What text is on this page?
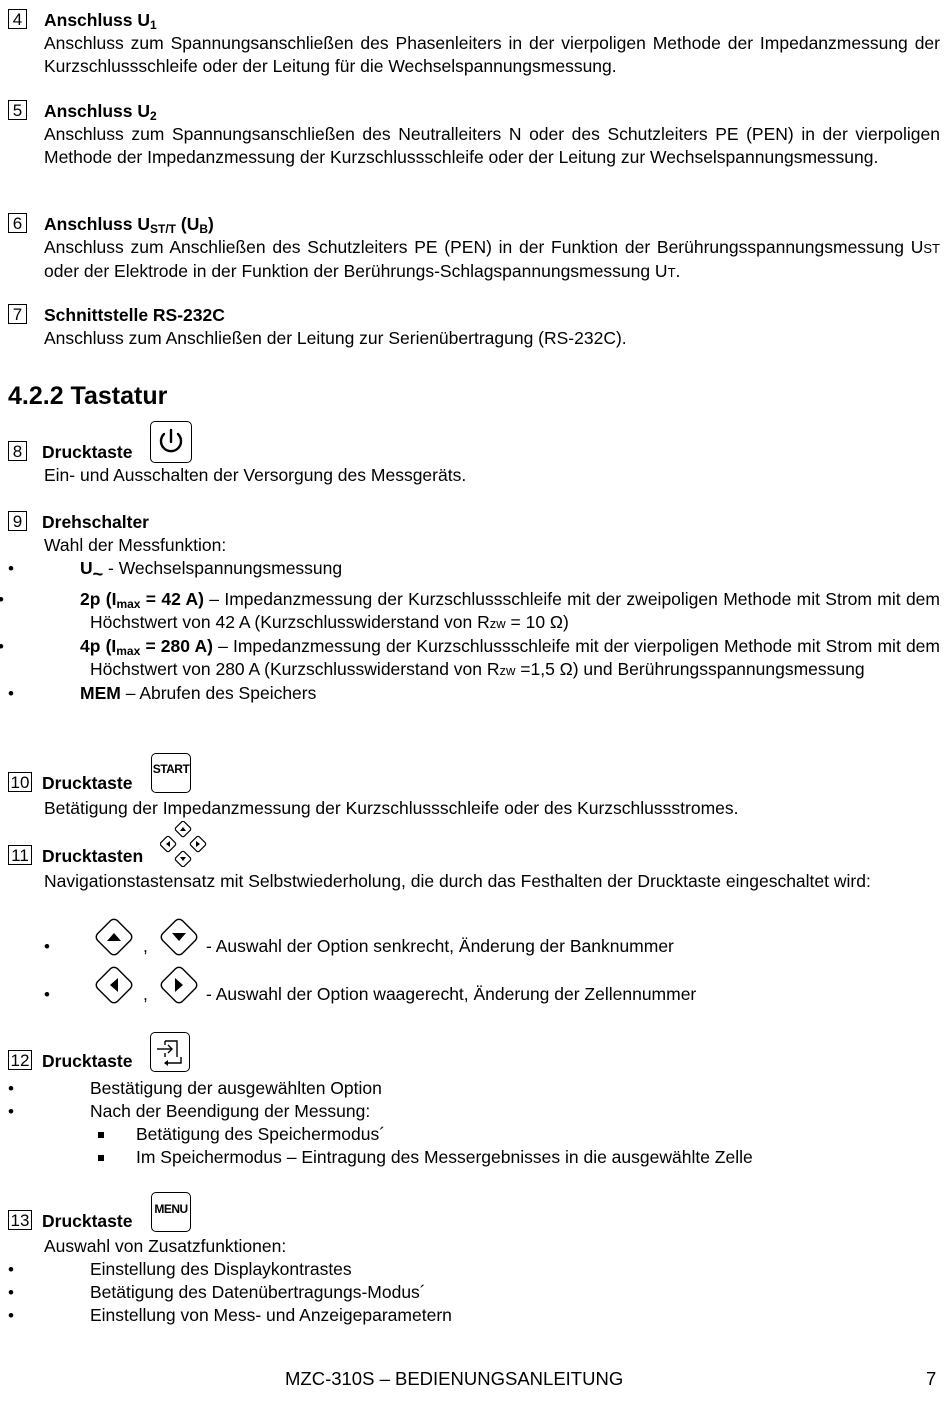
4 Anschluss $U_1$
Anschluss zum Spannungsanschließen des Phasenleiters in der vierpoligen Methode der Impedanzmessung der Kurzschlussschleife oder der Leitung für die Wechselspannungsmessung.
5 Anschluss $U_2$
Anschluss zum Spannungsanschließen des Neutralleiters N oder des Schutzleiters PE (PEN) in der vierpoligen Methode der Impedanzmessung der Kurzschlussschleife oder der Leitung zur Wechselspannungsmessung.
6 Anschluss $U_{ST/T}$ $(U_B)$
Anschluss zum Anschließen des Schutzleiters PE (PEN) in der Funktion der Berührungsspannungsmessung UST oder der Elektrode in der Funktion der Berührungs-Schlagspannungsmessung UT.
7 Schnittstelle RS-232C
Anschluss zum Anschließen der Leitung zur Serienübertragung (RS-232C).
4.2.2 Tastatur
8 Drucktaste
Ein- und Ausschalten der Versorgung des Messgeräts.
9 Drehschalter
Wahl der Messfunktion:
• $U_\sim$ - Wechselspannungsmessung
• 2p ($I_{max} = 42$ A) – Impedanzmessung der Kurzschlussschleife mit der zweipoligen Methode mit Strom mit dem Höchstwert von 42 A (Kurzschlusswiderstand von Rzw = 10 Ω)
• 4p ($I_{max} = 280$ A) – Impedanzmessung der Kurzschlussschleife mit der vierpoligen Methode mit Strom mit dem Höchstwert von 280 A (Kurzschlusswiderstand von Rzw =1,5 Ω) und Berührungsspannungsmessung
• MEM – Abrufen des Speichers
10 Drucktaste
START
Betätigung der Impedanzmessung der Kurzschlussschleife oder des Kurzschlussstromes.
11 Drucktasten
Navigationstastensatz mit Selbstwiederholung, die durch das Festhalten der Drucktaste eingeschaltet wird:
•	,	- Auswahl der Option senkrecht, Änderung der Banknummer
•	,	- Auswahl der Option waagerecht, Änderung der Zellennummer
12 Drucktaste
• Bestätigung der ausgewählten Option
• Nach der Beendigung der Messung:
Betätigung des Speichermodus´
Im Speichermodus – Eintragung des Messergebnisses in die ausgewählte Zelle
13 Drucktaste
MENU
Auswahl von Zusatzfunktionen:
• Einstellung des Displaykontrastes
• Betätigung des Datenübertragungs-Modus´
• Einstellung von Mess- und Anzeigeparametern
MZC-310S – BEDIENUNGSANLEITUNG	7
